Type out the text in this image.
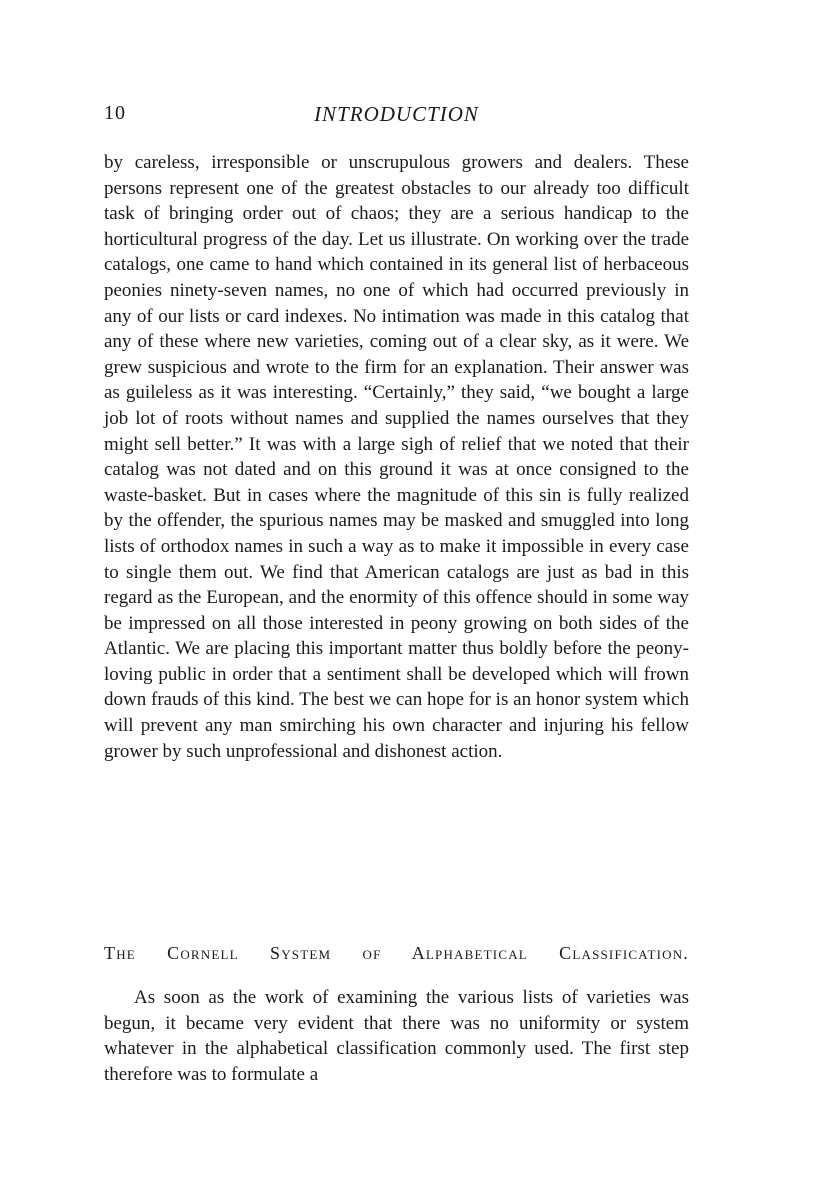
10	INTRODUCTION

by careless, irresponsible or unscrupulous growers and dealers. These persons represent one of the greatest obstacles to our already too difficult task of bringing order out of chaos; they are a serious handicap to the horticultural progress of the day. Let us illustrate. On working over the trade catalogs, one came to hand which contained in its general list of herbaceous peonies ninety-seven names, no one of which had occurred previously in any of our lists or card indexes. No intimation was made in this catalog that any of these where new varieties, coming out of a clear sky, as it were. We grew suspicious and wrote to the firm for an explanation. Their answer was as guileless as it was interesting. “Certainly,” they said, “we bought a large job lot of roots without names and supplied the names ourselves that they might sell better.” It was with a large sigh of relief that we noted that their catalog was not dated and on this ground it was at once consigned to the waste-basket. But in cases where the magnitude of this sin is fully realized by the offender, the spurious names may be masked and smuggled into long lists of orthodox names in such a way as to make it impossible in every case to single them out. We find that American catalogs are just as bad in this regard as the European, and the enormity of this offence should in some way be impressed on all those interested in peony growing on both sides of the Atlantic. We are placing this important matter thus boldly before the peony-loving public in order that a sentiment shall be developed which will frown down frauds of this kind. The best we can hope for is an honor system which will prevent any man smirching his own character and injuring his fellow grower by such unprofessional and dishonest action.

The Cornell System of Alphabetical Classification.

As soon as the work of examining the various lists of varieties was begun, it became very evident that there was no uniformity or system whatever in the alphabetical classification commonly used. The first step therefore was to formulate a
